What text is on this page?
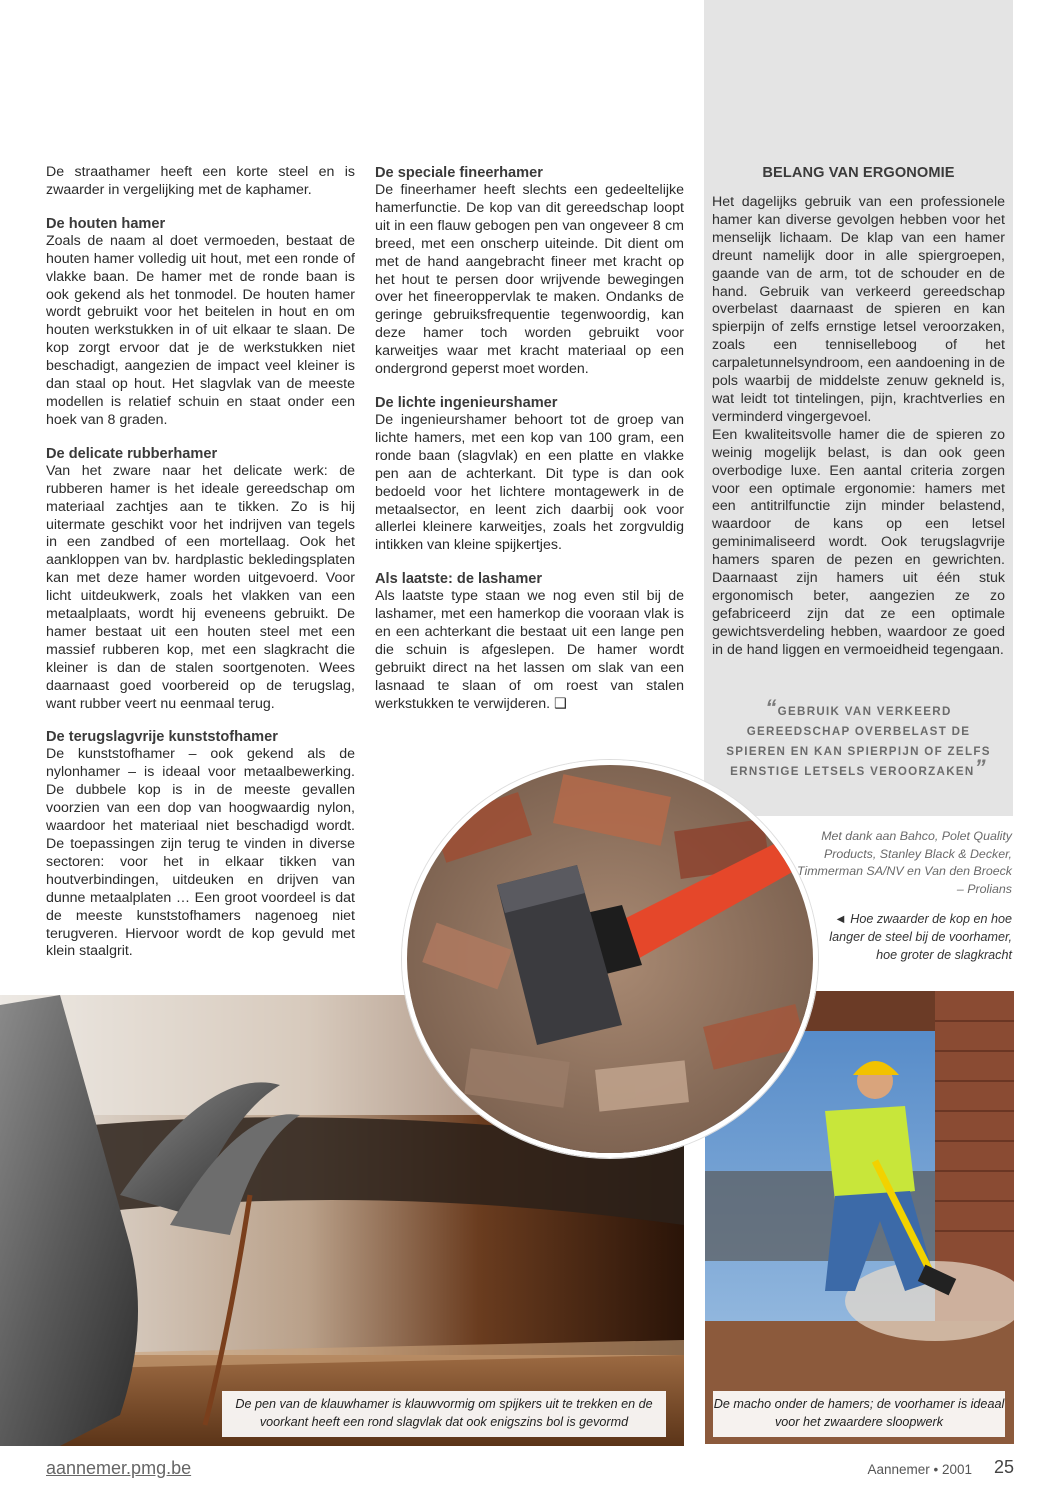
De straathamer heeft een korte steel en is zwaarder in vergelijking met de kaphamer.

De houten hamer

Zoals de naam al doet vermoeden, bestaat de houten hamer volledig uit hout, met een ronde of vlakke baan. De hamer met de ronde baan is ook gekend als het tonmodel. De houten hamer wordt gebruikt voor het beitelen in hout en om houten werkstukken in of uit elkaar te slaan. De kop zorgt ervoor dat je de werkstukken niet beschadigt, aangezien de impact veel kleiner is dan staal op hout. Het slagvlak van de meeste modellen is relatief schuin en staat onder een hoek van 8 graden.

De delicate rubberhamer

Van het zware naar het delicate werk: de rubberen hamer is het ideale gereedschap om materiaal zachtjes aan te tikken. Zo is hij uitermate geschikt voor het indrijven van tegels in een zandbed of een mortellaag. Ook het aankloppen van bv. hardplastic bekledingsplaten kan met deze hamer worden uitgevoerd. Voor licht uitdeukwerk, zoals het vlakken van een metaalplaats, wordt hij eveneens gebruikt. De hamer bestaat uit een houten steel met een massief rubberen kop, met een slagkracht die kleiner is dan de stalen soortgenoten. Wees daarnaast goed voorbereid op de terugslag, want rubber veert nu eenmaal terug.

De terugslagvrije kunststofhamer

De kunststofhamer – ook gekend als de nylonhamer – is ideaal voor metaalbewerking. De dubbele kop is in de meeste gevallen voorzien van een dop van hoogwaardig nylon, waardoor het materiaal niet beschadigd wordt. De toepassingen zijn terug te vinden in diverse sectoren: voor het in elkaar tikken van houtverbindingen, uitdeuken en drijven van dunne metaalplaten … Een groot voordeel is dat de meeste kunststofhamers nagenoeg niet terugveren. Hiervoor wordt de kop gevuld met klein staalgrit.

De speciale fineerhamer

De fineerhamer heeft slechts een gedeeltelijke hamerfunctie. De kop van dit gereedschap loopt uit in een flauw gebogen pen van ongeveer 8 cm breed, met een onscherp uiteinde. Dit dient om met de hand aangebracht fineer met kracht op het hout te persen door wrijvende bewegingen over het fineeroppervlak te maken. Ondanks de geringe gebruiksfrequentie tegenwoordig, kan deze hamer toch worden gebruikt voor karweitjes waar met kracht materiaal op een ondergrond geperst moet worden.

De lichte ingenieurshamer

De ingenieurshamer behoort tot de groep van lichte hamers, met een kop van 100 gram, een ronde baan (slagvlak) en een platte en vlakke pen aan de achterkant. Dit type is dan ook bedoeld voor het lichtere montagewerk in de metaalsector, en leent zich daarbij ook voor allerlei kleinere karweitjes, zoals het zorgvuldig intikken van kleine spijkertjes.

Als laatste: de lashamer

Als laatste type staan we nog even stil bij de lashamer, met een hamerkop die vooraan vlak is en een achterkant die bestaat uit een lange pen die schuin is afgeslepen. De hamer wordt gebruikt direct na het lassen om slak van een lasnaad te slaan of om roest van stalen werkstukken te verwijderen. ❑

BELANG VAN ERGONOMIE

Het dagelijks gebruik van een professionele hamer kan diverse gevolgen hebben voor het menselijk lichaam. De klap van een hamer dreunt namelijk door in alle spiergroepen, gaande van de arm, tot de schouder en de hand. Gebruik van verkeerd gereedschap overbelast daarnaast de spieren en kan spierpijn of zelfs ernstige letsel veroorzaken, zoals een tenniselleboog of het carpaletunnelsyndroom, een aandoening in de pols waarbij de middelste zenuw gekneld is, wat leidt tot tintelingen, pijn, krachtverlies en verminderd vingergevoel.

Een kwaliteitsvolle hamer die de spieren zo weinig mogelijk belast, is dan ook geen overbodige luxe. Een aantal criteria zorgen voor een optimale ergonomie: hamers met een antitrilfunctie zijn minder belastend, waardoor de kans op een letsel geminimaliseerd wordt. Ook terugslagvrije hamers sparen de pezen en gewrichten. Daarnaast zijn hamers uit één stuk ergonomisch beter, aangezien ze zo gefabriceerd zijn dat ze een optimale gewichtsverdeling hebben, waardoor ze goed in de hand liggen en vermoeidheid tegengaan.

“GEBRUIK VAN VERKEERD GEREEDSCHAP OVERBELAST DE SPIEREN EN KAN SPIERPIJN OF ZELFS ERNSTIGE LETSELS VEROORZAKEN”
Met dank aan Bahco, Polet Quality Products, Stanley Black & Decker, Timmerman SA/NV en Van den Broeck – Prolians
◄ Hoe zwaarder de kop en hoe langer de steel bij de voorhamer, hoe groter de slagkracht
De pen van de klauwhamer is klauwvormig om spijkers uit te trekken en de voorkant heeft een rond slagvlak dat ook enigszins bol is gevormd
De macho onder de hamers; de voorhamer is ideaal voor het zwaardere sloopwerk
aannemer.pmg.be	Aannemer • 2001 25
